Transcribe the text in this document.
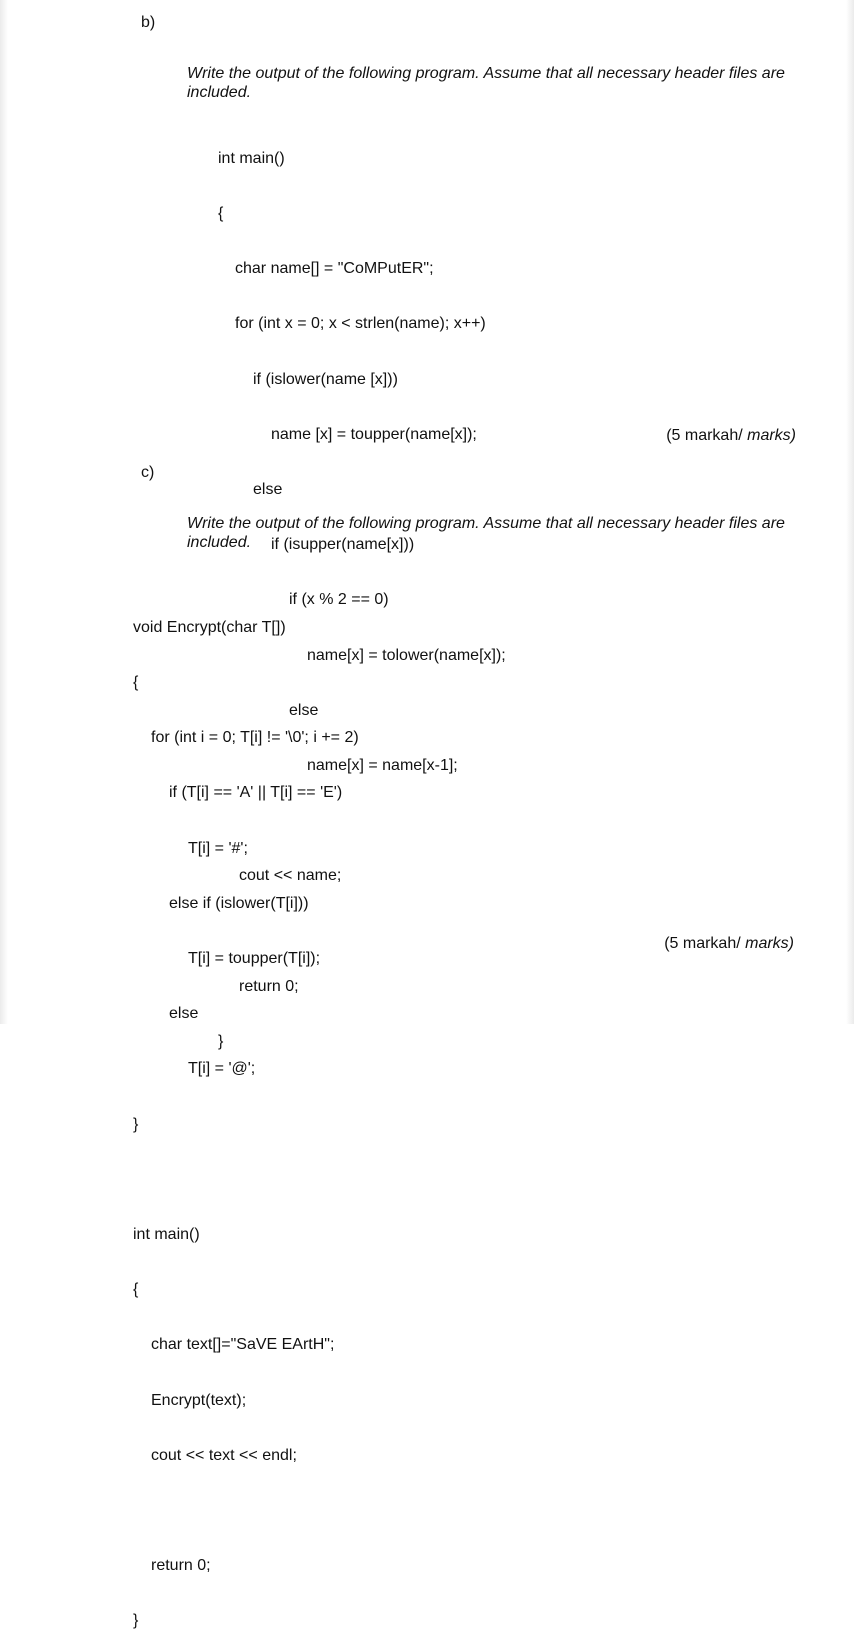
b)
Write the output of the following program. Assume that all necessary header files are included.

int main()

{

char name[] = "CoMPutER";

for (int x = 0; x < strlen(name); x++)

if (islower(name [x]))

name [x] = toupper(name[x]);

else

if (isupper(name[x]))

if (x % 2 == 0)

name[x] = tolower(name[x]);

else

name[x] = name[x-1];

cout << name;

return 0;

}

(5 markah/ marks)
c)
Write the output of the following program. Assume that all necessary header files are included.

void Encrypt(char T[])

{

for (int i = 0; T[i] != '\0'; i += 2)

if (T[i] == 'A' || T[i] == 'E')

T[i] = '#';

else if (islower(T[i]))

T[i] = toupper(T[i]);

else

T[i] = '@';

}

int main()

{

char text[]="SaVE EArtH";

Encrypt(text);

cout << text << endl;

return 0;

}

(5 markah/ marks)
